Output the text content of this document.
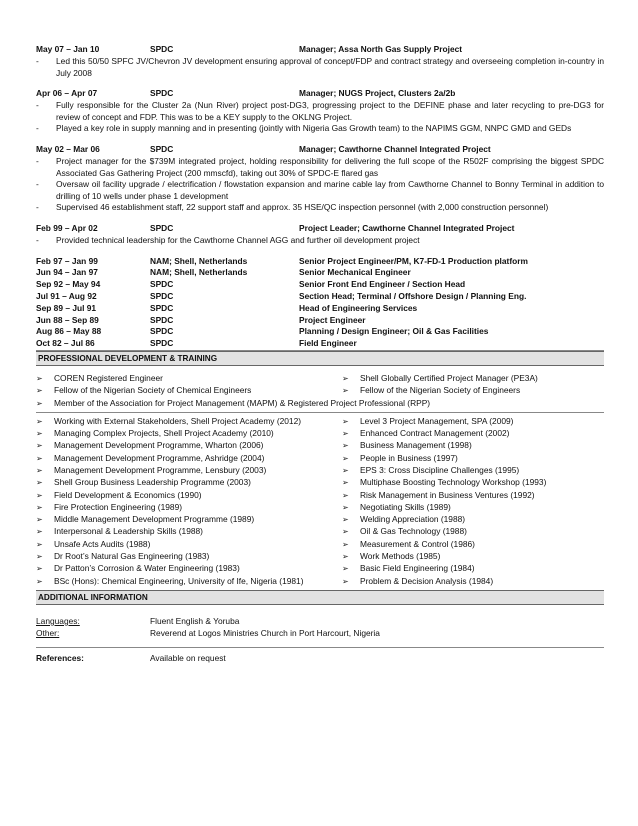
May 07 – Jan 10	SPDC	Manager; Assa North Gas Supply Project
- Led this 50/50 SPFC JV/Chevron JV development ensuring approval of concept/FDP and contract strategy and overseeing completion in-country in July 2008
Apr 06 – Apr 07	SPDC	Manager; NUGS Project, Clusters 2a/2b
- Fully responsible for the Cluster 2a (Nun River) project post-DG3, progressing project to the DEFINE phase and later recycling to pre-DG3 for review of concept and FDP. This was to be a KEY supply to the OKLNG Project.
- Played a key role in supply manning and in presenting (jointly with Nigeria Gas Growth team) to the NAPIMS GGM, NNPC GMD and GEDs
May 02 – Mar 06	SPDC	Manager; Cawthorne Channel Integrated Project
- Project manager for the $739M integrated project, holding responsibility for delivering the full scope of the R502F comprising the biggest SPDC Associated Gas Gathering Project (200 mmscfd), taking out 30% of SPDC-E flared gas
- Oversaw oil facility upgrade / electrification / flowstation expansion and marine cable lay from Cawthorne Channel to Bonny Terminal in addition to drilling of 10 wells under phase 1 development
- Supervised 46 establishment staff, 22 support staff and approx. 35 HSE/QC inspection personnel (with 2,000 construction personnel)
Feb 99 – Apr 02	SPDC	Project Leader; Cawthorne Channel Integrated Project
- Provided technical leadership for the Cawthorne Channel AGG and further oil development project
Feb 97 – Jan 99	NAM; Shell, Netherlands	Senior Project Engineer/PM, K7-FD-1 Production platform
Jun 94 – Jan 97	NAM; Shell, Netherlands	Senior Mechanical Engineer
Sep 92 – May 94	SPDC	Senior Front End Engineer / Section Head
Jul 91 – Aug 92	SPDC	Section Head; Terminal / Offshore Design / Planning Eng.
Sep 89 – Jul 91	SPDC	Head of Engineering Services
Jun 88 – Sep 89	SPDC	Project Engineer
Aug 86 – May 88	SPDC	Planning / Design Engineer; Oil & Gas Facilities
Oct 82 – Jul 86	SPDC	Field Engineer
PROFESSIONAL DEVELOPMENT & TRAINING
➢ COREN Registered Engineer	➢ Shell Globally Certified Project Manager (PE3A)
➢ Fellow of the Nigerian Society of Chemical Engineers	➢ Fellow of the Nigerian Society of Engineers
➢ Member of the Association for Project Management (MAPM) & Registered Project Professional (RPP)
➢ Working with External Stakeholders, Shell Project Academy (2012)	➢ Level 3 Project Management, SPA (2009)
➢ Managing Complex Projects, Shell Project Academy (2010)	➢ Enhanced Contract Management (2002)
➢ Management Development Programme, Wharton (2006)	➢ Business Management (1998)
➢ Management Development Programme, Ashridge (2004)	➢ People in Business (1997)
➢ Management Development Programme, Lensbury (2003)	➢ EPS 3: Cross Discipline Challenges (1995)
➢ Shell Group Business Leadership Programme (2003)	➢ Multiphase Boosting Technology Workshop (1993)
➢ Field Development & Economics (1990)	➢ Risk Management in Business Ventures (1992)
➢ Fire Protection Engineering (1989)	➢ Negotiating Skills (1989)
➢ Middle Management Development Programme (1989)	➢ Welding Appreciation (1988)
➢ Interpersonal & Leadership Skills (1988)	➢ Oil & Gas Technology (1988)
➢ Unsafe Acts Audits (1988)	➢ Measurement & Control (1986)
➢ Dr Root’s Natural Gas Engineering (1983)	➢ Work Methods (1985)
➢ Dr Patton’s Corrosion & Water Engineering (1983)	➢ Basic Field Engineering (1984)
➢ BSc (Hons): Chemical Engineering, University of Ife, Nigeria (1981)	➢ Problem & Decision Analysis (1984)
ADDITIONAL INFORMATION
Languages:	Fluent English & Yoruba
Other:	Reverend at Logos Ministries Church in Port Harcourt, Nigeria
References:	Available on request
